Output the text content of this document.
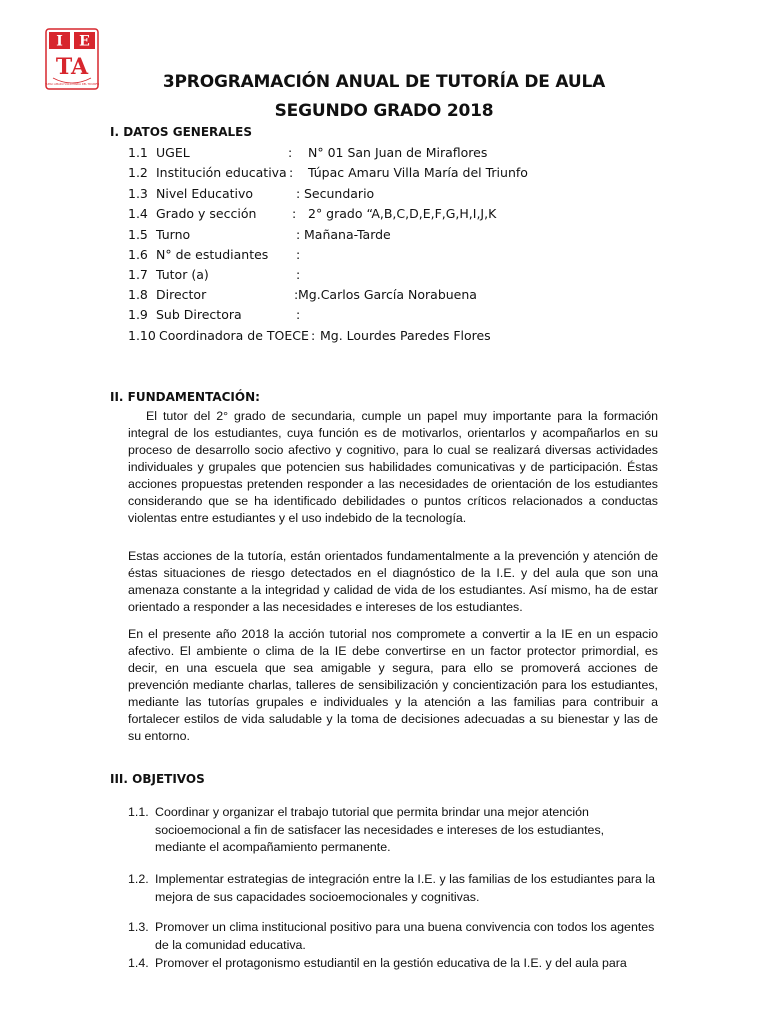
I E
TA
TUPAC AMARU VILLA MARIA DEL TRIUNFO	3PROGRAMACIÓN ANUAL DE TUTORÍA DE AULA
SEGUNDO GRADO 2018
I. DATOS GENERALES
1.1 UGEL	: N° 01 San Juan de Miraflores
1.2 Institución educativa : Túpac Amaru Villa María del Triunfo
1.3 Nivel Educativo	: Secundario
1.4 Grado y sección	: 2° grado “A,B,C,D,E,F,G,H,I,J,K
1.5 Turno	: Mañana-Tarde
1.6 N° de estudiantes :
1.7 Tutor (a)	:
1.8 Director	: Mg.Carlos García Norabuena
1.9 Sub Directora	:
1.10 Coordinadora de TOECE : Mg. Lourdes Paredes Flores
II. FUNDAMENTACIÓN:

El tutor del 2° grado de secundaria, cumple un papel muy importante para la formación integral de los estudiantes, cuya función es de motivarlos, orientarlos y acompañarlos en su proceso de desarrollo socio afectivo y cognitivo, para lo cual se realizará diversas actividades individuales y grupales que potencien sus habilidades comunicativas y de participación. Éstas acciones propuestas pretenden responder a las necesidades de orientación de los estudiantes considerando que se ha identificado debilidades o puntos críticos relacionados a conductas violentas entre estudiantes y el uso indebido de la tecnología.

Estas acciones de la tutoría, están orientados fundamentalmente a la prevención y atención de éstas situaciones de riesgo detectados en el diagnóstico de la I.E. y del aula que son una amenaza constante a la integridad y calidad de vida de los estudiantes. Así mismo, ha de estar orientado a responder a las necesidades e intereses de los estudiantes.

En el presente año 2018 la acción tutorial nos compromete a convertir a la IE en un espacio afectivo. El ambiente o clima de la IE debe convertirse en un factor protector primordial, es decir, en una escuela que sea amigable y segura, para ello se promoverá acciones de prevención mediante charlas, talleres de sensibilización y concientización para los estudiantes, mediante las tutorías grupales e individuales y la atención a las familias para contribuir a fortalecer estilos de vida saludable y la toma de decisiones adecuadas a su bienestar y las de su entorno.

III. OBJETIVOS
1.1. Coordinar y organizar el trabajo tutorial que permita brindar una mejor atención socioemocional a fin de satisfacer las necesidades e intereses de los estudiantes, mediante el acompañamiento permanente.
1.2. Implementar estrategias de integración entre la I.E. y las familias de los estudiantes para la mejora de sus capacidades socioemocionales y cognitivas.
1.3. Promover un clima institucional positivo para una buena convivencia con todos los agentes de la comunidad educativa.
1.4. Promover el protagonismo estudiantil en la gestión educativa de la I.E. y del aula para
